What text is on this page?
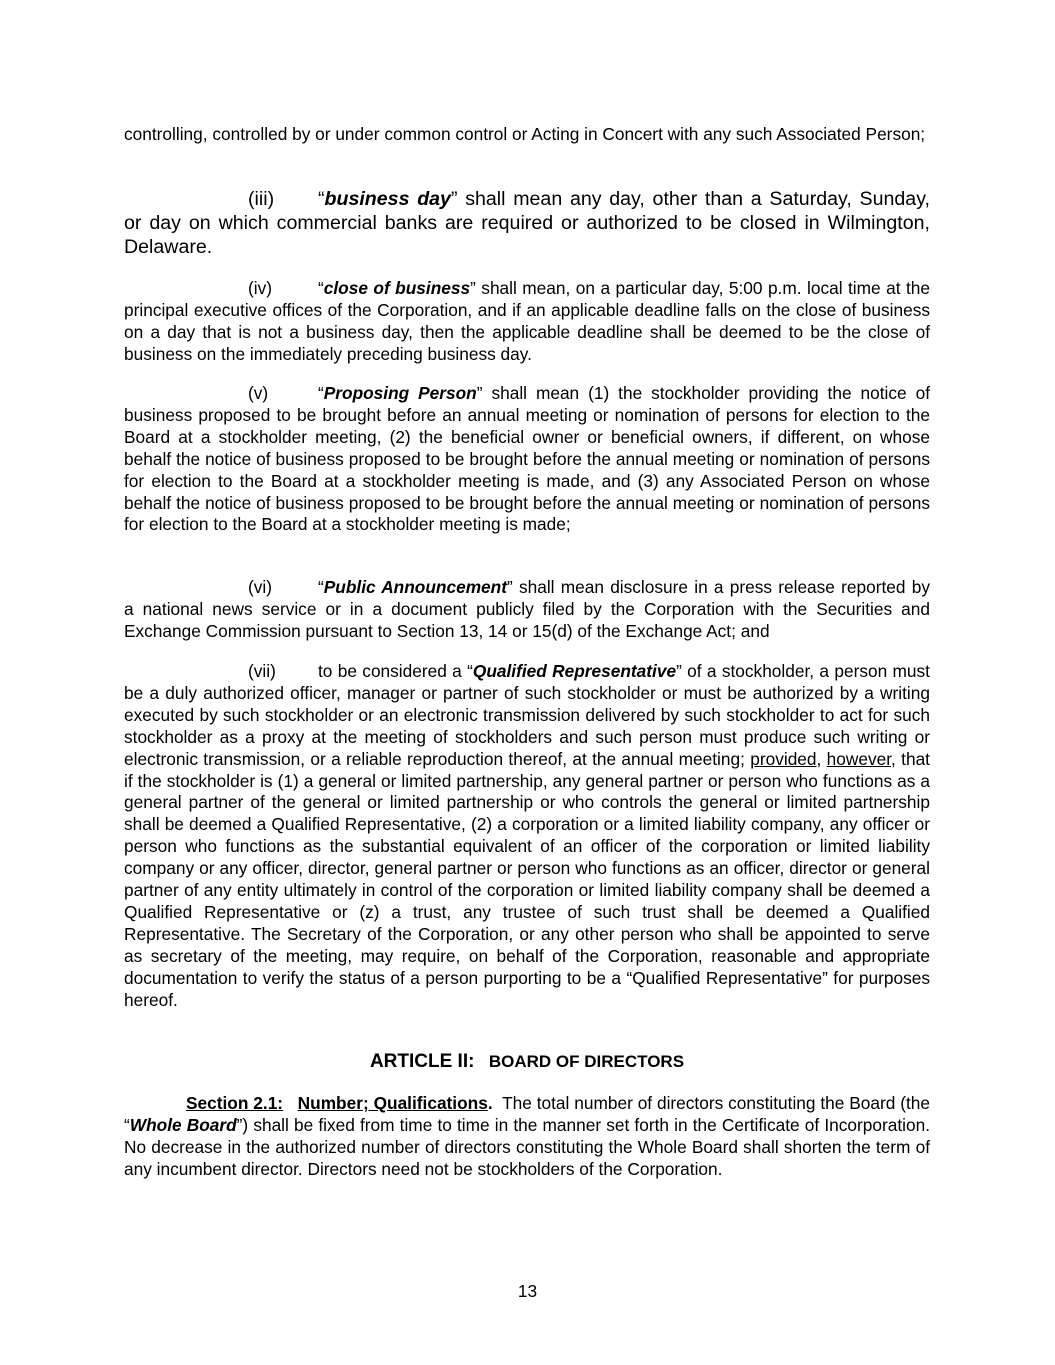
controlling, controlled by or under common control or Acting in Concert with any such Associated Person;

(iii) “business day” shall mean any day, other than a Saturday, Sunday, or day on which commercial banks are required or authorized to be closed in Wilmington, Delaware.

(iv)	“close of business” shall mean, on a particular day, 5:00 p.m. local time at the principal executive offices of the Corporation, and if an applicable deadline falls on the close of business on a day that is not a business day, then the applicable deadline shall be deemed to be the close of business on the immediately preceding business day.

(v)	“Proposing Person” shall mean (1) the stockholder providing the notice of business proposed to be brought before an annual meeting or nomination of persons for election to the Board at a stockholder meeting, (2) the beneficial owner or beneficial owners, if different, on whose behalf the notice of business proposed to be brought before the annual meeting or nomination of persons for election to the Board at a stockholder meeting is made, and (3) any Associated Person on whose behalf the notice of business proposed to be brought before the annual meeting or nomination of persons for election to the Board at a stockholder meeting is made;

(vi)	“Public Announcement” shall mean disclosure in a press release reported by a national news service or in a document publicly filed by the Corporation with the Securities and Exchange Commission pursuant to Section 13, 14 or 15(d) of the Exchange Act; and

(vii) to be considered a “Qualified Representative” of a stockholder, a person must be a duly authorized officer, manager or partner of such stockholder or must be authorized by a writing executed by such stockholder or an electronic transmission delivered by such stockholder to act for such stockholder as a proxy at the meeting of stockholders and such person must produce such writing or electronic transmission, or a reliable reproduction thereof, at the annual meeting; provided, however, that if the stockholder is (1) a general or limited partnership, any general partner or person who functions as a general partner of the general or limited partnership or who controls the general or limited partnership shall be deemed a Qualified Representative, (2) a corporation or a limited liability company, any officer or person who functions as the substantial equivalent of an officer of the corporation or limited liability company or any officer, director, general partner or person who functions as an officer, director or general partner of any entity ultimately in control of the corporation or limited liability company shall be deemed a Qualified Representative or (z) a trust, any trustee of such trust shall be deemed a Qualified Representative. The Secretary of the Corporation, or any other person who shall be appointed to serve as secretary of the meeting, may require, on behalf of the Corporation, reasonable and appropriate documentation to verify the status of a person purporting to be a “Qualified Representative” for purposes hereof.

ARTICLE II: BOARD OF DIRECTORS

Section 2.1: Number; Qualifications.  The total number of directors constituting the Board (the “Whole Board”) shall be fixed from time to time in the manner set forth in the Certificate of Incorporation. No decrease in the authorized number of directors constituting the Whole Board shall shorten the term of any incumbent director. Directors need not be stockholders of the Corporation.

13
